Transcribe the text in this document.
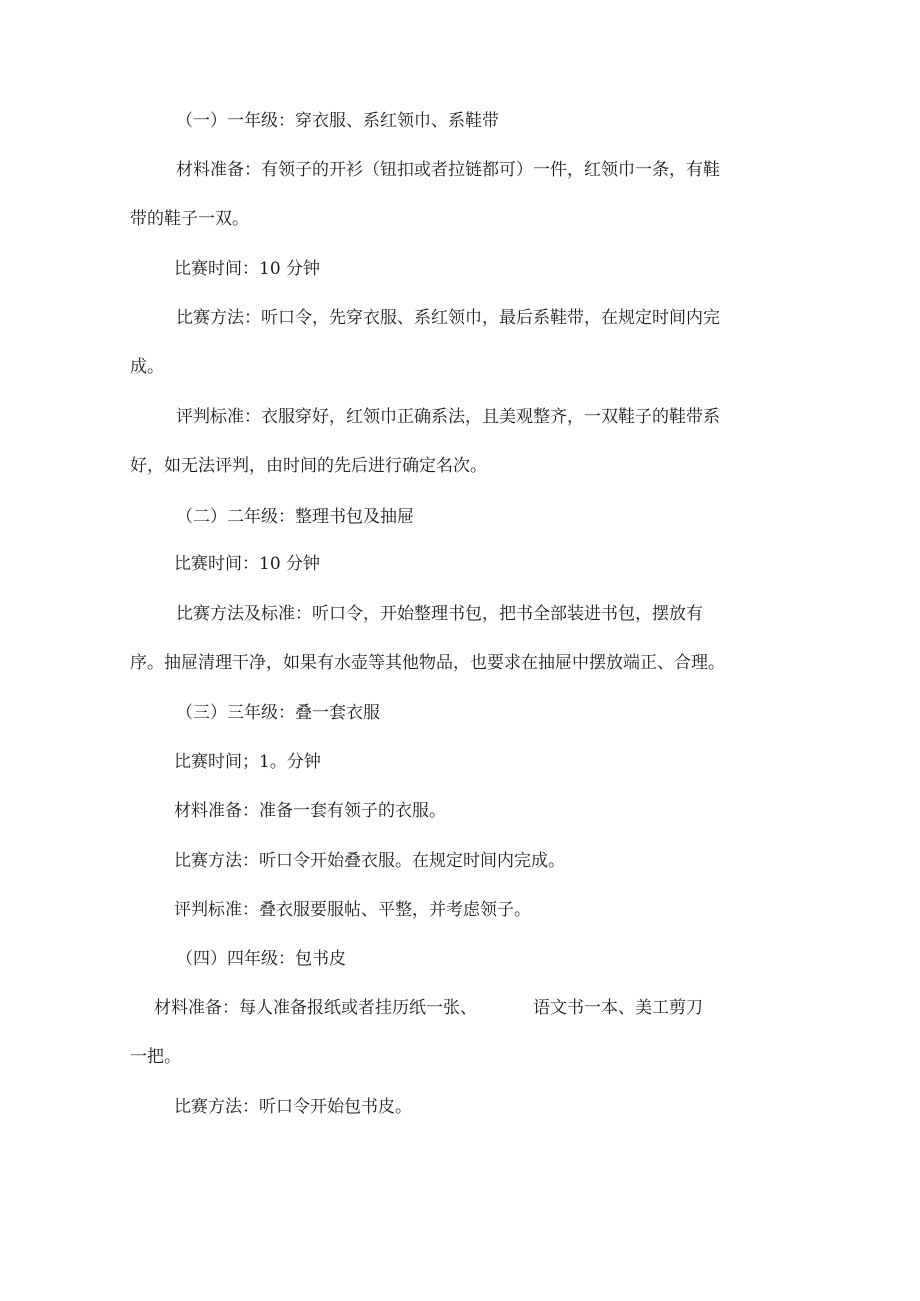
（一）一年级：穿衣服、系红领巾、系鞋带

材料准备：有领子的开衫（钮扣或者拉链都可）一件，红领巾一条，有鞋

带的鞋子一双。

比赛时间：10 分钟

比赛方法：听口令，先穿衣服、系红领巾，最后系鞋带，在规定时间内完

成。

评判标准：衣服穿好，红领巾正确系法，且美观整齐，一双鞋子的鞋带系

好，如无法评判，由时间的先后进行确定名次。

（二）二年级：整理书包及抽屉

比赛时间：10 分钟

比赛方法及标准：听口令，开始整理书包，把书全部装进书包，摆放有

序。抽屉清理干净，如果有水壶等其他物品，也要求在抽屉中摆放端正、合理。

（三）三年级：叠一套衣服

比赛时间；1。分钟

材料准备：准备一套有领子的衣服。

比赛方法：听口令开始叠衣服。在规定时间内完成。

评判标准：叠衣服要服帖、平整，并考虑领子。

（四）四年级：包书皮

材料准备：每人准备报纸或者挂历纸一张、	语文书一本、美工剪刀

一把。

比赛方法：听口令开始包书皮。
